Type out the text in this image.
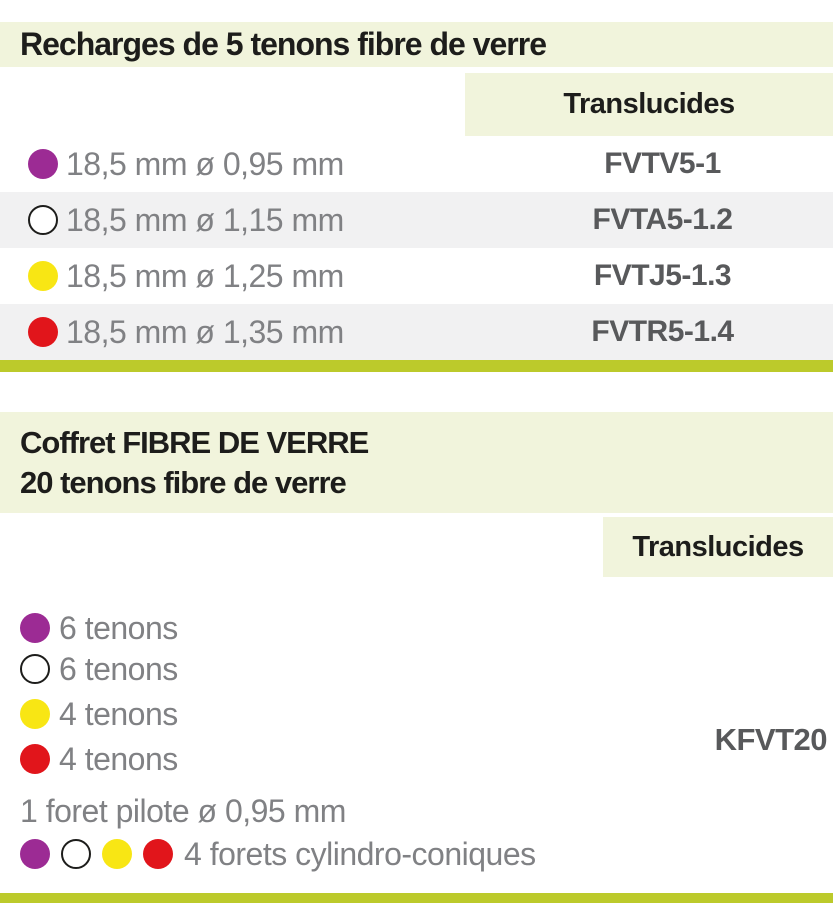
Recharges de 5 tenons fibre de verre
Translucides
18,5 mm ø 0,95 mm	FVTV5-1
18,5 mm ø 1,15 mm	FVTA5-1.2
18,5 mm ø 1,25 mm	FVTJ5-1.3
18,5 mm ø 1,35 mm	FVTR5-1.4
Coffret FIBRE DE VERRE
20 tenons fibre de verre
Translucides
6 tenons
6 tenons
4 tenons
4 tenons
1 foret pilote ø 0,95 mm
4 forets cylindro-coniques
KFVT20
